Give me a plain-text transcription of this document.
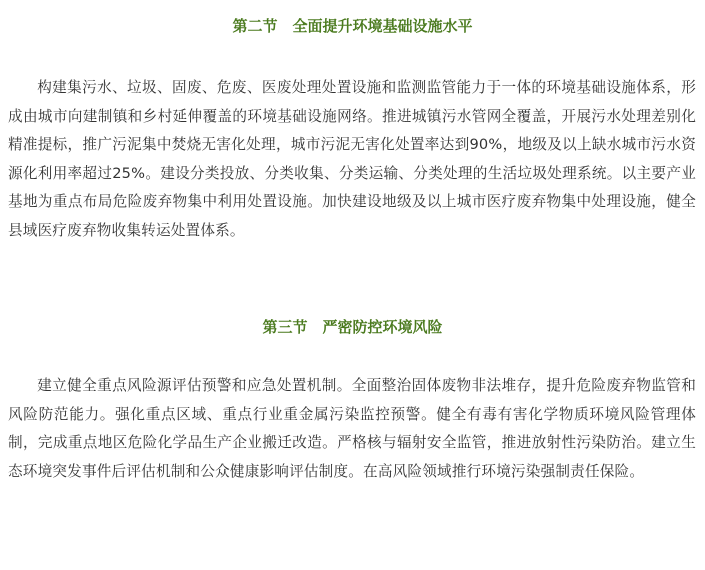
第二节　全面提升环境基础设施水平

构建集污水、垃圾、固废、危废、医废处理处置设施和监测监管能力于一体的环境基础设施体系，形成由城市向建制镇和乡村延伸覆盖的环境基础设施网络。推进城镇污水管网全覆盖，开展污水处理差别化精准提标，推广污泥集中焚烧无害化处理，城市污泥无害化处置率达到90%，地级及以上缺水城市污水资源化利用率超过25%。建设分类投放、分类收集、分类运输、分类处理的生活垃圾处理系统。以主要产业基地为重点布局危险废弃物集中利用处置设施。加快建设地级及以上城市医疗废弃物集中处理设施，健全县域医疗废弃物收集转运处置体系。

第三节　严密防控环境风险

建立健全重点风险源评估预警和应急处置机制。全面整治固体废物非法堆存，提升危险废弃物监管和风险防范能力。强化重点区域、重点行业重金属污染监控预警。健全有毒有害化学物质环境风险管理体制，完成重点地区危险化学品生产企业搬迁改造。严格核与辐射安全监管，推进放射性污染防治。建立生态环境突发事件后评估机制和公众健康影响评估制度。在高风险领域推行环境污染强制责任保险。
